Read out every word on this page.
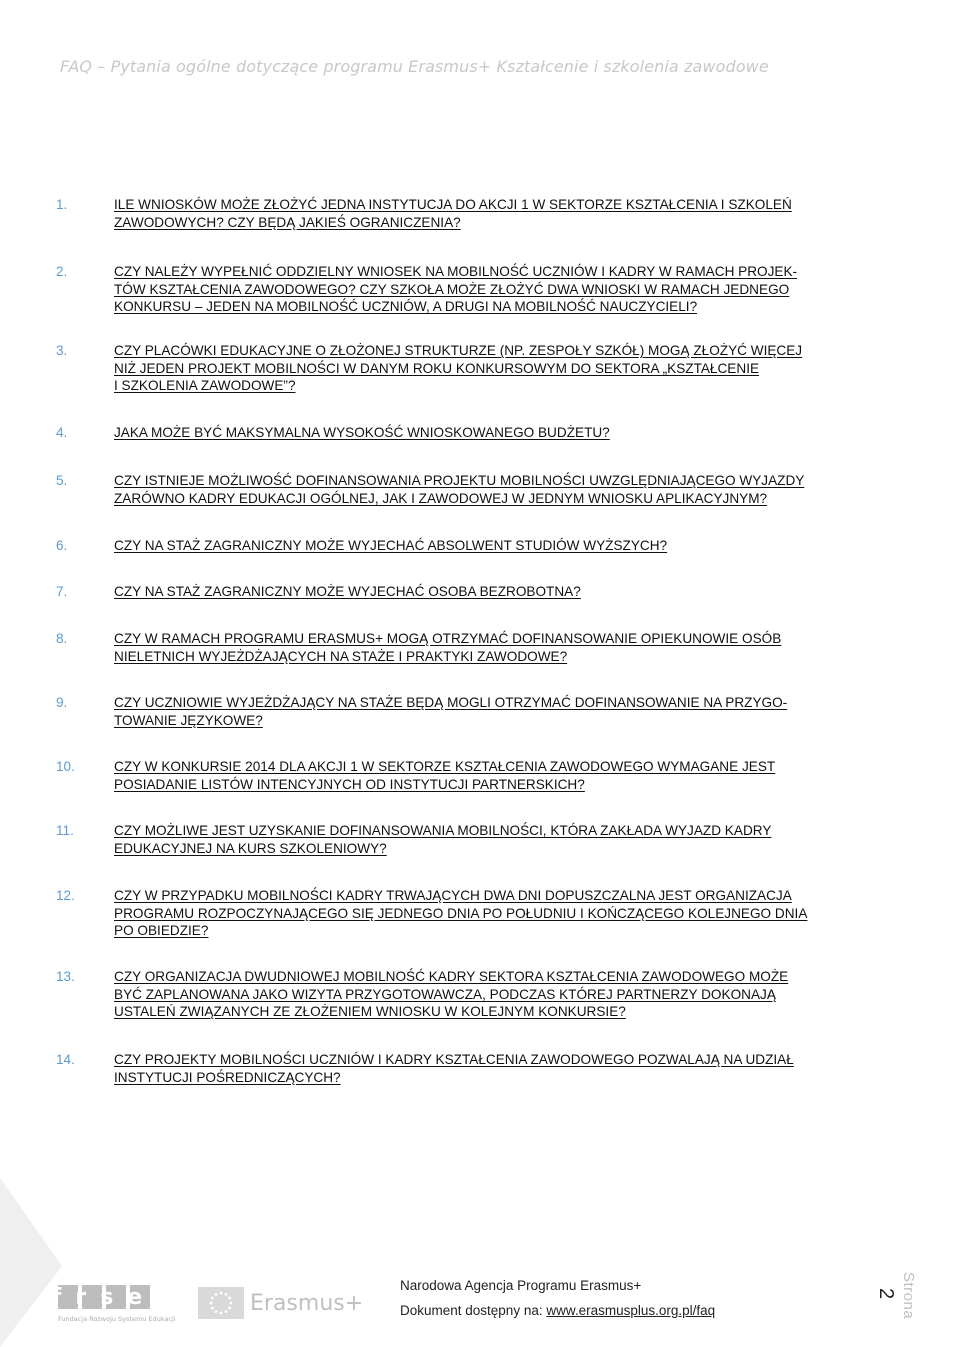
FAQ – Pytania ogólne dotyczące programu Erasmus+ Kształcenie i szkolenia zawodowe
1.	ILE WNIOSKÓW MOŻE ZŁOŻYĆ JEDNA INSTYTUCJA DO AKCJI 1 W SEKTORZE KSZTAŁCENIA I SZKOLEŃ
ZAWODOWYCH? CZY BĘDĄ JAKIEŚ OGRANICZENIA?
2.	CZY NALEŻY WYPEŁNIĆ ODDZIELNY WNIOSEK NA MOBILNOŚĆ UCZNIÓW I KADRY W RAMACH PROJEK-
TÓW KSZTAŁCENIA ZAWODOWEGO? CZY SZKOŁA MOŻE ZŁOŻYĆ DWA WNIOSKI W RAMACH JEDNEGO
KONKURSU – JEDEN NA MOBILNOŚĆ UCZNIÓW, A DRUGI NA MOBILNOŚĆ NAUCZYCIELI?
3.	CZY PLACÓWKI EDUKACYJNE O ZŁOŻONEJ STRUKTURZE (NP. ZESPOŁY SZKÓŁ) MOGĄ ZŁOŻYĆ WIĘCEJ
NIŻ JEDEN PROJEKT MOBILNOŚCI W DANYM ROKU KONKURSOWYM DO SEKTORA „KSZTAŁCENIE
I SZKOLENIA ZAWODOWE”?
4.	JAKA MOŻE BYĆ MAKSYMALNA WYSOKOŚĆ WNIOSKOWANEGO BUDŻETU?
5.	CZY ISTNIEJE MOŻLIWOŚĆ DOFINANSOWANIA PROJEKTU MOBILNOŚCI UWZGLĘDNIAJĄCEGO WYJAZDY
ZARÓWNO KADRY EDUKACJI OGÓLNEJ, JAK I ZAWODOWEJ W JEDNYM WNIOSKU APLIKACYJNYM?
6.	CZY NA STAŻ ZAGRANICZNY MOŻE WYJECHAĆ ABSOLWENT STUDIÓW WYŻSZYCH?
7.	CZY NA STAŻ ZAGRANICZNY MOŻE WYJECHAĆ OSOBA BEZROBOTNA?
8.	CZY W RAMACH PROGRAMU ERASMUS+ MOGĄ OTRZYMAĆ DOFINANSOWANIE OPIEKUNOWIE OSÓB
NIELETNICH WYJEŻDŻAJĄCYCH NA STAŻE I PRAKTYKI ZAWODOWE?
9.	CZY UCZNIOWIE WYJEŻDŻAJĄCY NA STAŻE BĘDĄ MOGLI OTRZYMAĆ DOFINANSOWANIE NA PRZYGO-
TOWANIE JĘZYKOWE?
10.	CZY W KONKURSIE 2014 DLA AKCJI 1 W SEKTORZE KSZTAŁCENIA ZAWODOWEGO WYMAGANE JEST
POSIADANIE LISTÓW INTENCYJNYCH OD INSTYTUCJI PARTNERSKICH?
11.	CZY MOŻLIWE JEST UZYSKANIE DOFINANSOWANIA MOBILNOŚCI, KTÓRA ZAKŁADA WYJAZD KADRY
EDUKACYJNEJ NA KURS SZKOLENIOWY?
12.	CZY W PRZYPADKU MOBILNOŚCI KADRY TRWAJĄCYCH DWA DNI DOPUSZCZALNA JEST ORGANIZACJA
PROGRAMU ROZPOCZYNAJĄCEGO SIĘ JEDNEGO DNIA PO POŁUDNIU I KOŃCZĄCEGO KOLEJNEGO DNIA
PO OBIEDZIE?
13.	CZY ORGANIZACJA DWUDNIOWEJ MOBILNOŚĆ KADRY SEKTORA KSZTAŁCENIA ZAWODOWEGO MOŻE
BYĆ ZAPLANOWANA JAKO WIZYTA PRZYGOTOWAWCZA, PODCZAS KTÓREJ PARTNERZY DOKONAJĄ
USTALEŃ ZWIĄZANYCH ZE ZŁOŻENIEM WNIOSKU W KOLEJNYM KONKURSIE?
14.	CZY PROJEKTY MOBILNOŚCI UCZNIÓW I KADRY KSZTAŁCENIA ZAWODOWEGO POZWALAJĄ NA UDZIAŁ
INSTYTUCJI POŚREDNICZĄCYCH?
frse
Fundacja Rozwoju Systemu Edukacji
Erasmus+
Narodowa Agencja Programu Erasmus+
Dokument dostępny na: www.erasmusplus.org.pl/faq	Strona
2
